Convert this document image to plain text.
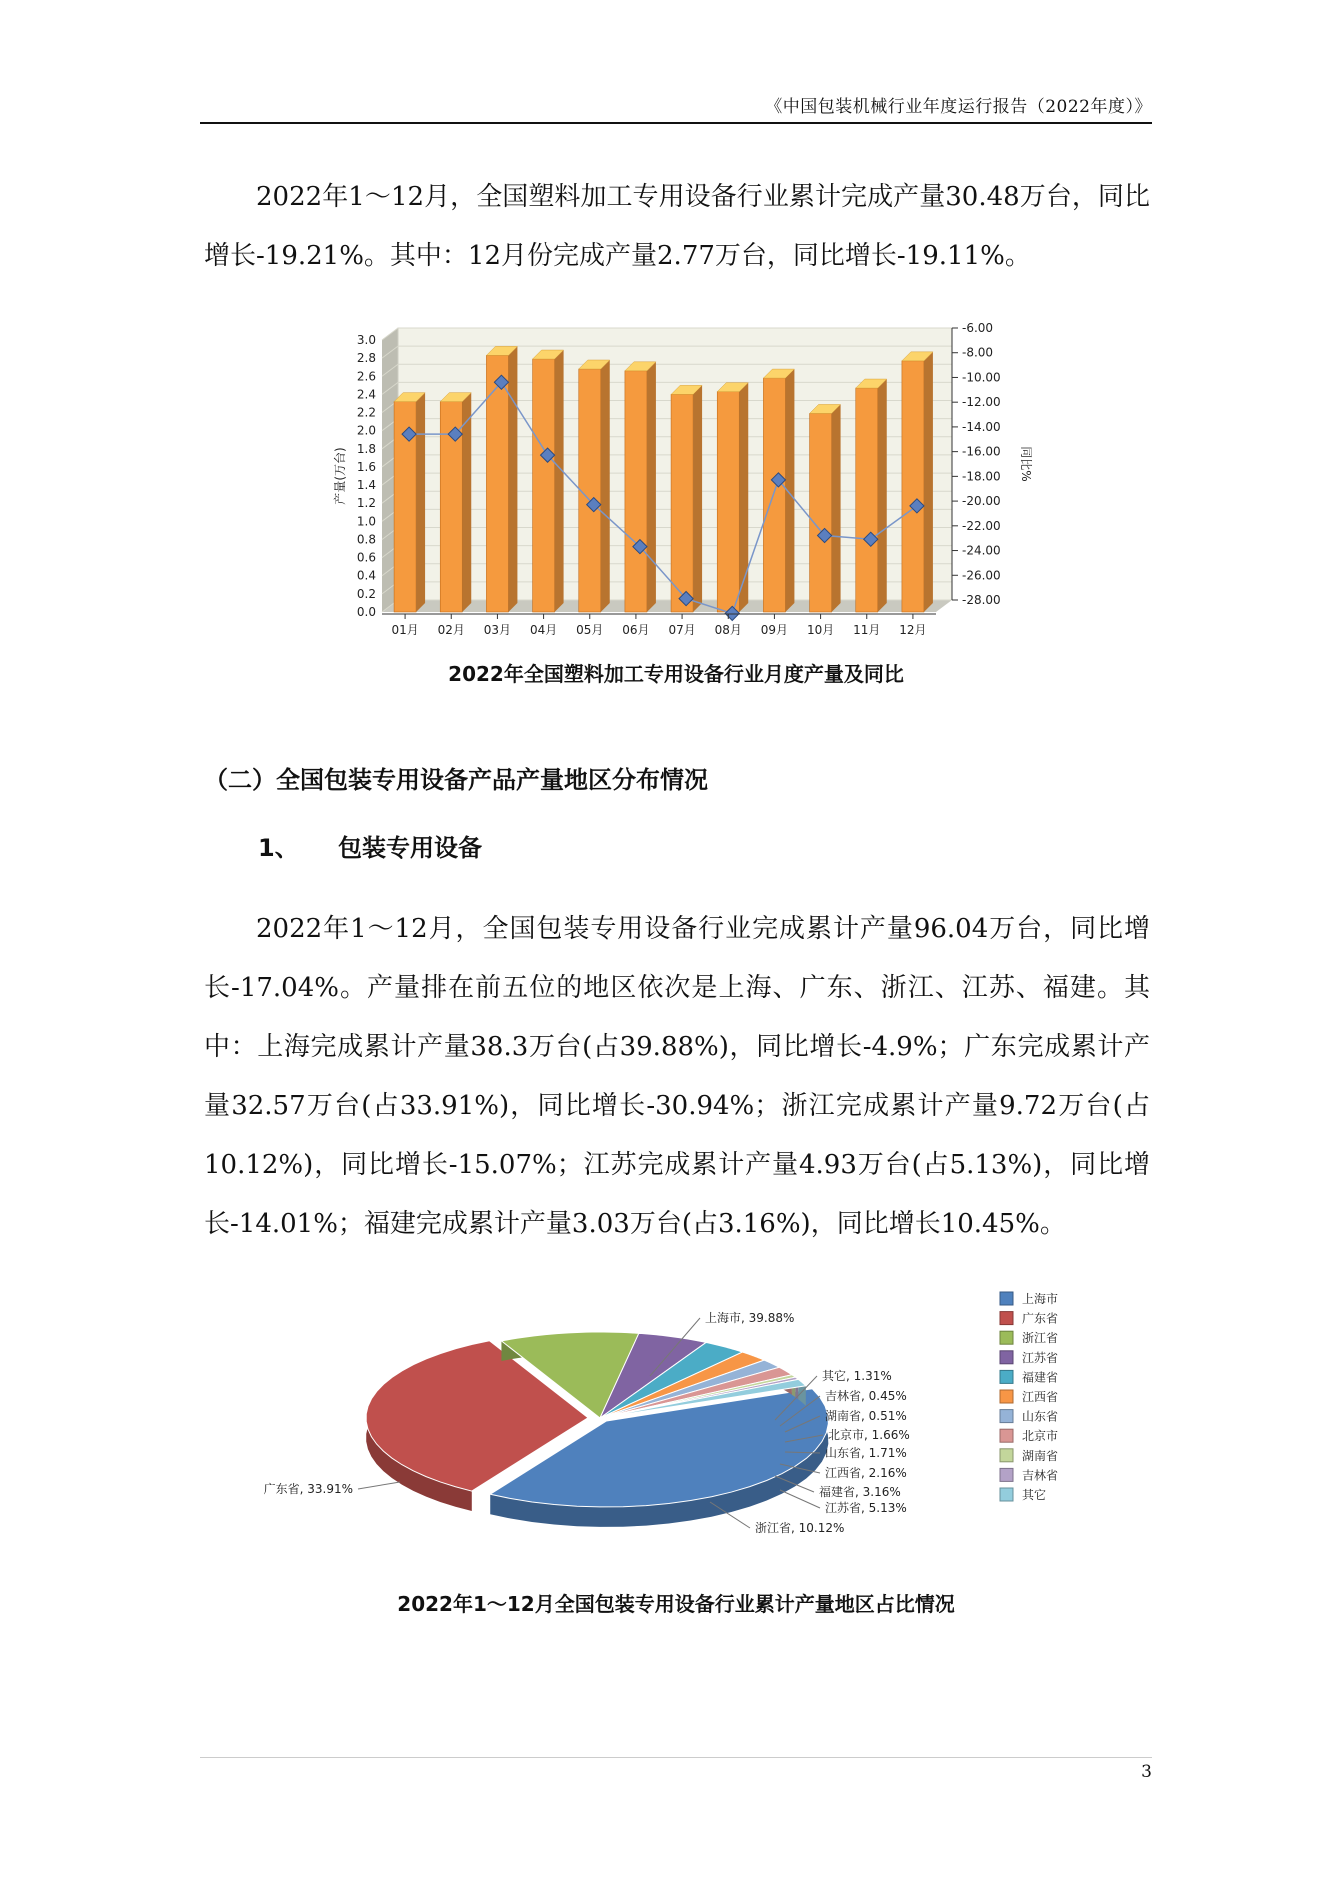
《中国包装机械行业年度运行报告（2022年度）》

2022年1～12月，全国塑料加工专用设备行业累计完成产量30.48万台，同比增长-19.21%。其中：12月份完成产量2.77万台，同比增长-19.11%。

0.0
0.2
0.4
0.6
0.8
1.0
1.2
1.4
1.6
1.8
2.0
2.2
2.4
2.6
2.8
3.0
-6.00
-8.00
-10.00
-12.00
-14.00
-16.00
-18.00
-20.00
-22.00
-24.00
-26.00
-28.00
产量(万台)	同比%
01月 02月 03月 04月 05月 06月 07月 08月 09月 10月 11月 12月
2022年全国塑料加工专用设备行业月度产量及同比
（二）全国包装专用设备产品产量地区分布情况
1、 包装专用设备

2022年1～12月，全国包装专用设备行业完成累计产量96.04万台，同比增长-17.04%。产量排在前五位的地区依次是上海、广东、浙江、江苏、福建。其中：上海完成累计产量38.3万台(占39.88%)，同比增长-4.9%；广东完成累计产量32.57万台(占33.91%)，同比增长-30.94%；浙江完成累计产量9.72万台(占10.12%)，同比增长-15.07%；江苏完成累计产量4.93万台(占5.13%)，同比增长-14.01%；福建完成累计产量3.03万台(占3.16%)，同比增长10.45%。

上海市, 39.88%
广东省, 33.91%
浙江省, 10.12%
江苏省, 5.13%
福建省, 3.16%
江西省, 2.16%
山东省, 1.71%
北京市, 1.66%
湖南省, 0.51%
吉林省, 0.45%
其它, 1.31%
上海市
广东省
浙江省
江苏省
福建省
江西省
山东省
北京市
湖南省
吉林省
其它
2022年1～12月全国包装专用设备行业累计产量地区占比情况
3
